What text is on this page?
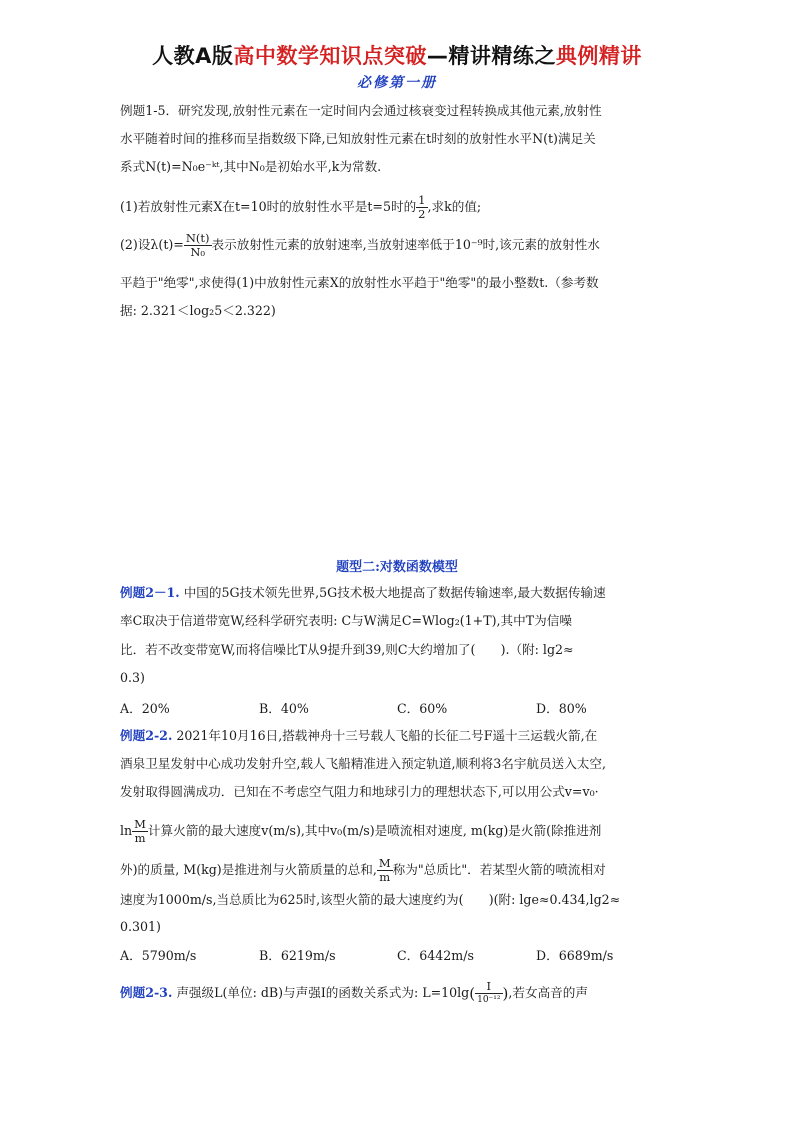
人教A版高中数学知识点突破—精讲精练之典例精讲
必修第一册
例题1-5．研究发现,放射性元素在一定时间内会通过核衰变过程转换成其他元素,放射性
水平随着时间的推移而呈指数级下降,已知放射性元素在t时刻的放射性水平N(t)满足关
系式N(t)=N₀e⁻ᵏᵗ,其中N₀是初始水平,k为常数.
(1)若放射性元素X在t=10时的放射性水平是t=5时的 $\frac{1}{2}$ ,求k的值;
(2)设$\lambda(t)= \frac{N(t)}{\text{N₀}}$ 表示放射性元素的放射速率,当放射速率低于10⁻⁹时,该元素的放射性水
平趋于"绝零",求使得(1)中放射性元素X的放射性水平趋于"绝零"的最小整数t.（参考数
据: 2.321＜log₂5＜2.322)
题型二:对数函数模型
例题2－1. 中国的5G技术领先世界,5G技术极大地提高了数据传输速率,最大数据传输速
率C取决于信道带宽W,经科学研究表明: C与W满足C=Wlog₂(1+T),其中T为信噪
比．若不改变带宽W,而将信噪比T从9提升到39,则C大约增加了(　　).（附: lg2≈
0.3)
A．20%	B．40%	C．60%	D．80%
例题2-2. 2021年10月16日,搭载神舟十三号载人飞船的长征二号F遥十三运载火箭,在
酒泉卫星发射中心成功发射升空,载人飞船精准进入预定轨道,顺利将3名宇航员送入太空,
发射取得圆满成功．已知在不考虑空气阻力和地球引力的理想状态下,可以用公式v=v₀·
$\ln \frac{M}{m}$ 计算火箭的最大速度v(m/s),其中v₀(m/s)是喷流相对速度, m(kg)是火箭(除推进剂
外)的质量, M(kg)是推进剂与火箭质量的总和, $\frac{M}{m}$ 称为"总质比"．若某型火箭的喷流相对
速度为1000m/s,当总质比为625时,该型火箭的最大速度约为(　　)(附: lge≈0.434,lg2≈
0.301)
A．5790m/s	B．6219m/s	C．6442m/s	D．6689m/s
例题2-3. 声强级L(单位: dB)与声强I的函数关系式为: $L=10\lg( \frac{I}{\text{10⁻¹²}}$ ),若女高音的声
